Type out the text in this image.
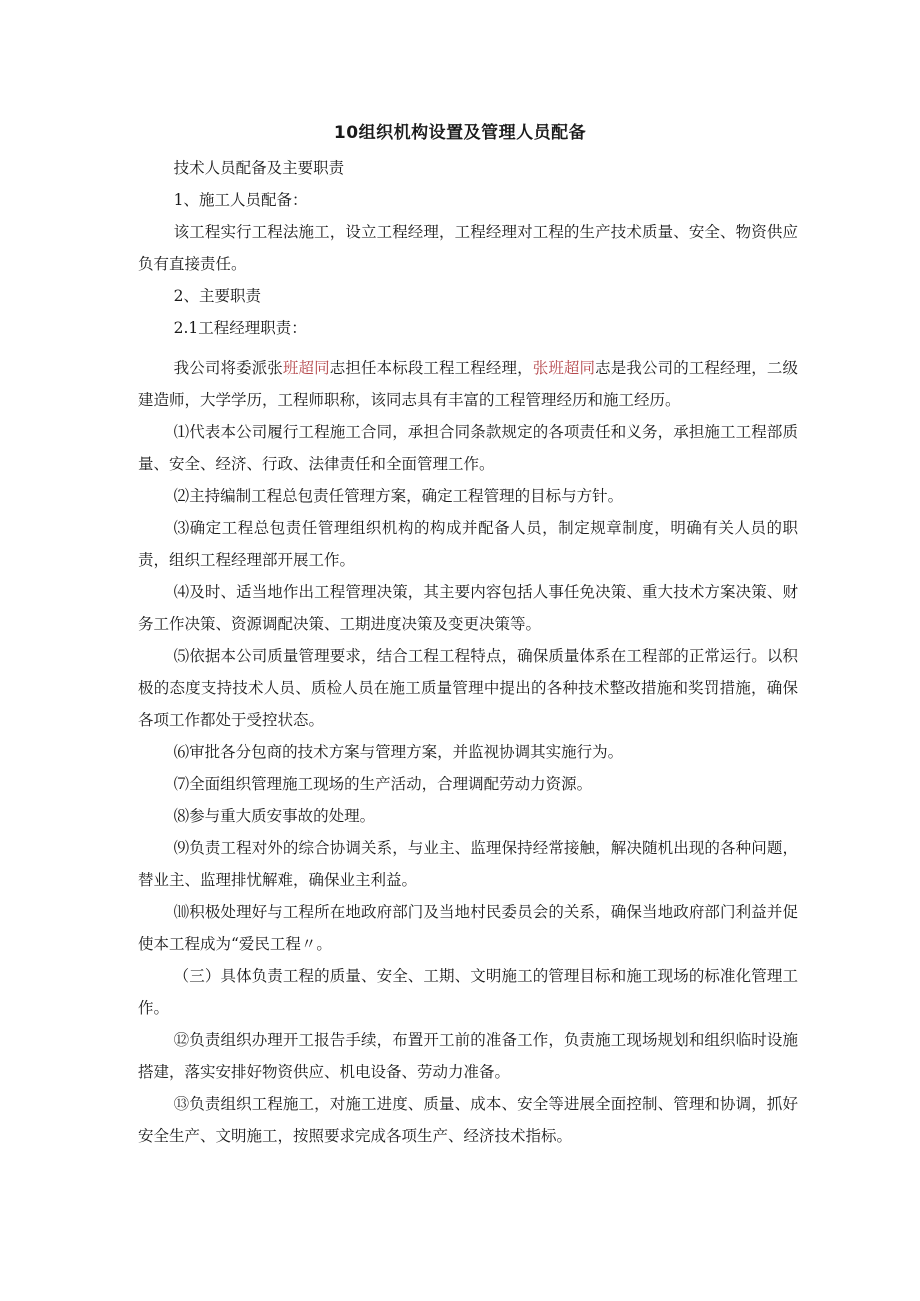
10组织机构设置及管理人员配备

技术人员配备及主要职责

1、施工人员配备：

该工程实行工程法施工，设立工程经理，工程经理对工程的生产技术质量、安全、物资供应负有直接责任。

2、主要职责

2.1工程经理职责：

我公司将委派张班超同志担任本标段工程工程经理，张班超同志是我公司的工程经理，二级建造师，大学学历，工程师职称，该同志具有丰富的工程管理经历和施工经历。

⑴代表本公司履行工程施工合同，承担合同条款规定的各项责任和义务，承担施工工程部质量、安全、经济、行政、法律责任和全面管理工作。

⑵主持编制工程总包责任管理方案，确定工程管理的目标与方针。

⑶确定工程总包责任管理组织机构的构成并配备人员，制定规章制度，明确有关人员的职责，组织工程经理部开展工作。

⑷及时、适当地作出工程管理决策，其主要内容包括人事任免决策、重大技术方案决策、财务工作决策、资源调配决策、工期进度决策及变更决策等。

⑸依据本公司质量管理要求，结合工程工程特点，确保质量体系在工程部的正常运行。以积极的态度支持技术人员、质检人员在施工质量管理中提出的各种技术整改措施和奖罚措施，确保各项工作都处于受控状态。

⑹审批各分包商的技术方案与管理方案，并监视协调其实施行为。

⑺全面组织管理施工现场的生产活动，合理调配劳动力资源。

⑻参与重大质安事故的处理。

⑼负责工程对外的综合协调关系，与业主、监理保持经常接触，解决随机出现的各种问题，替业主、监理排忧解难，确保业主利益。

⑽积极处理好与工程所在地政府部门及当地村民委员会的关系，确保当地政府部门利益并促使本工程成为“爱民工程〃。

（三）具体负责工程的质量、安全、工期、文明施工的管理目标和施工现场的标准化管理工作。

⑫负责组织办理开工报告手续，布置开工前的准备工作，负责施工现场规划和组织临时设施搭建，落实安排好物资供应、机电设备、劳动力准备。

⑬负责组织工程施工，对施工进度、质量、成本、安全等进展全面控制、管理和协调，抓好安全生产、文明施工，按照要求完成各项生产、经济技术指标。
